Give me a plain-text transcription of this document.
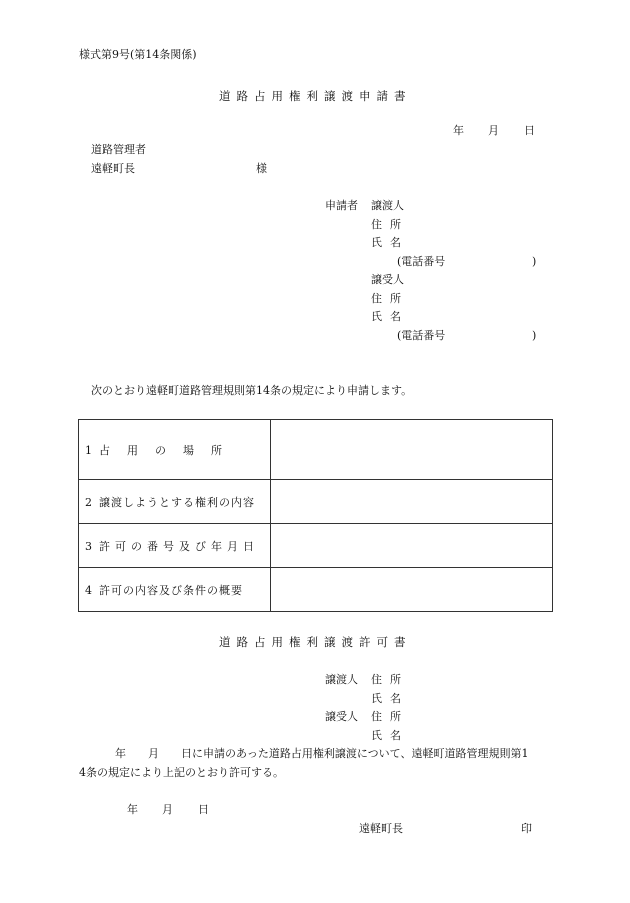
様式第9号(第14条関係)
道路占用権利譲渡申請書
年 月 日
道路管理者
遠軽町長	様
申請者 譲渡人
住所
氏名
(電話番号	)
譲受人
住所
氏名
(電話番号	)
次のとおり遠軽町道路管理規則第14条の規定により申請します。
1 占用の場所	
2 譲渡しようとする権利の内容	
3 許可の番号及び年月日	
4 許可の内容及び条件の概要	
道路占用権利譲渡許可書
譲渡人 住所
氏名
譲受人 住所
氏名
年　　月　　日に申請のあった道路占用権利譲渡について、遠軽町道路管理規則第1
4条の規定により上記のとおり許可する。
年 月 日
遠軽町長	印
